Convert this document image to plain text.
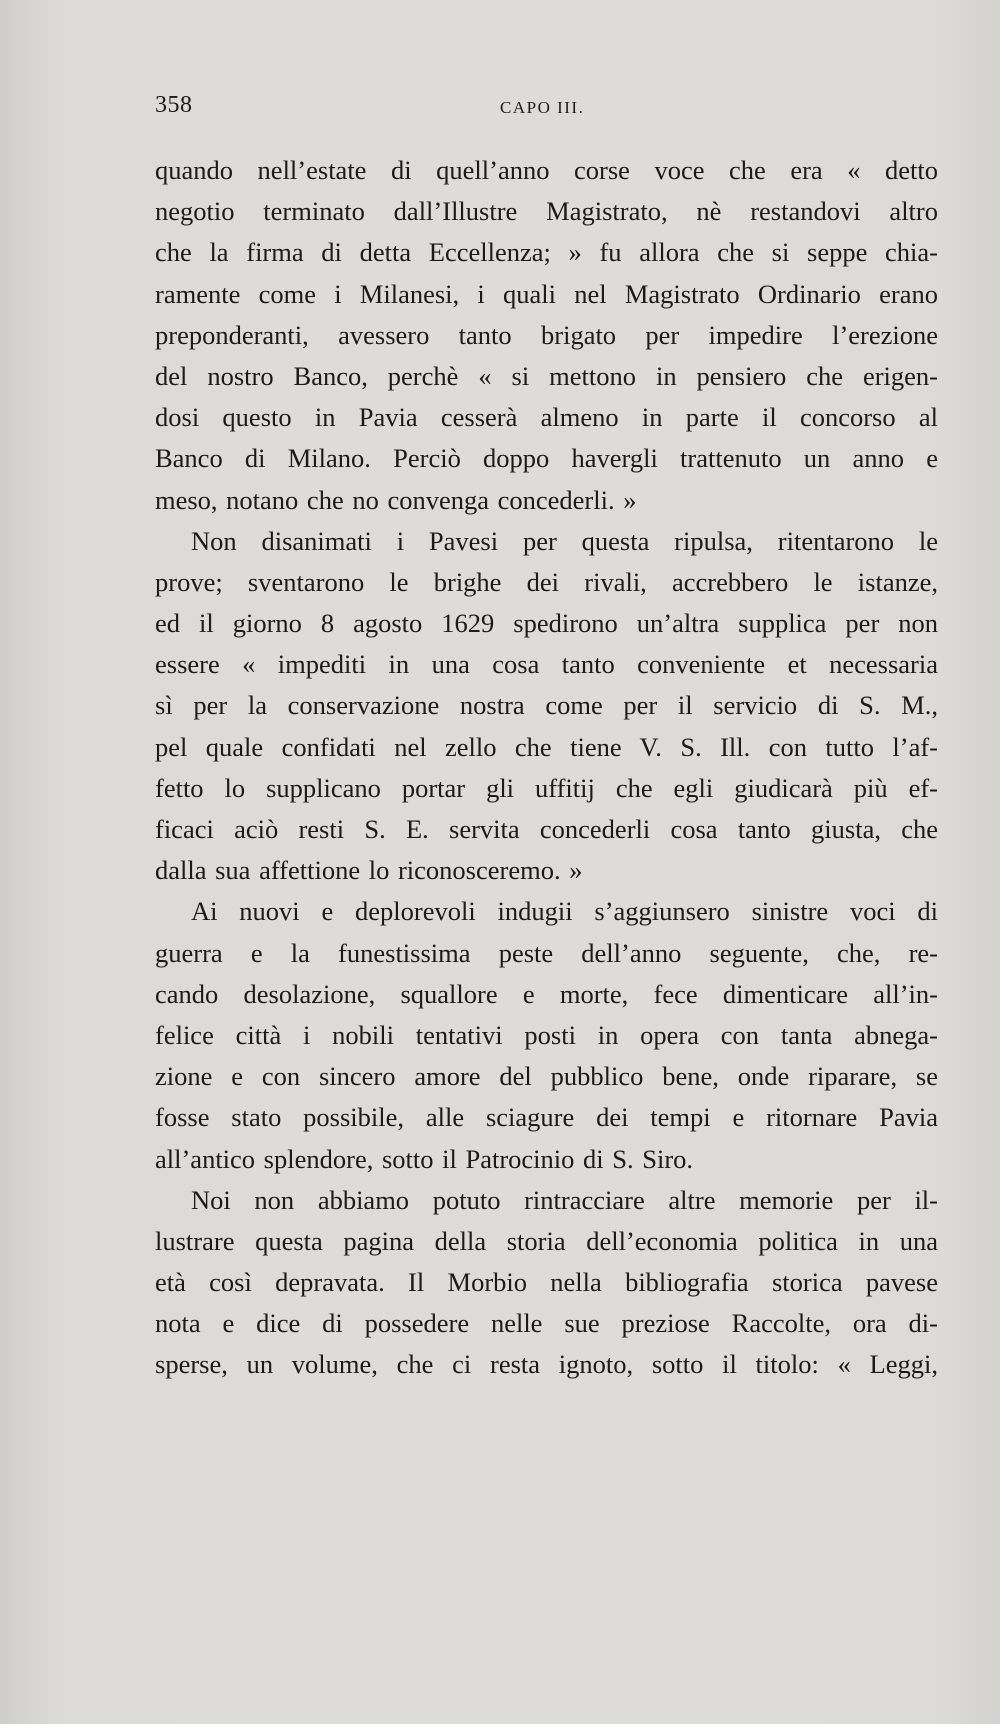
358	CAPO III.
quando nell’estate di quell’anno corse voce che era « detto
negotio terminato dall’Illustre Magistrato, nè restandovi altro
che la firma di detta Eccellenza; » fu allora che si seppe chia-
ramente come i Milanesi, i quali nel Magistrato Ordinario erano
preponderanti, avessero tanto brigato per impedire l’erezione
del nostro Banco, perchè « si mettono in pensiero che erigen-
dosi questo in Pavia cesserà almeno in parte il concorso al
Banco di Milano. Perciò doppo havergli trattenuto un anno e
meso, notano che no convenga concederli. »
Non disanimati i Pavesi per questa ripulsa, ritentarono le
prove; sventarono le brighe dei rivali, accrebbero le istanze,
ed il giorno 8 agosto 1629 spedirono un’altra supplica per non
essere « impediti in una cosa tanto conveniente et necessaria
sì per la conservazione nostra come per il servicio di S. M.,
pel quale confidati nel zello che tiene V. S. Ill. con tutto l’af-
fetto lo supplicano portar gli uffitij che egli giudicarà più ef-
ficaci aciò resti S. E. servita concederli cosa tanto giusta, che
dalla sua affettione lo riconosceremo. »
Ai nuovi e deplorevoli indugii s’aggiunsero sinistre voci di
guerra e la funestissima peste dell’anno seguente, che, re-
cando desolazione, squallore e morte, fece dimenticare all’in-
felice città i nobili tentativi posti in opera con tanta abnega-
zione e con sincero amore del pubblico bene, onde riparare, se
fosse stato possibile, alle sciagure dei tempi e ritornare Pavia
all’antico splendore, sotto il Patrocinio di S. Siro.
Noi non abbiamo potuto rintracciare altre memorie per il-
lustrare questa pagina della storia dell’economia politica in una
età così depravata. Il Morbio nella bibliografia storica pavese
nota e dice di possedere nelle sue preziose Raccolte, ora di-
sperse, un volume, che ci resta ignoto, sotto il titolo: « Leggi,
